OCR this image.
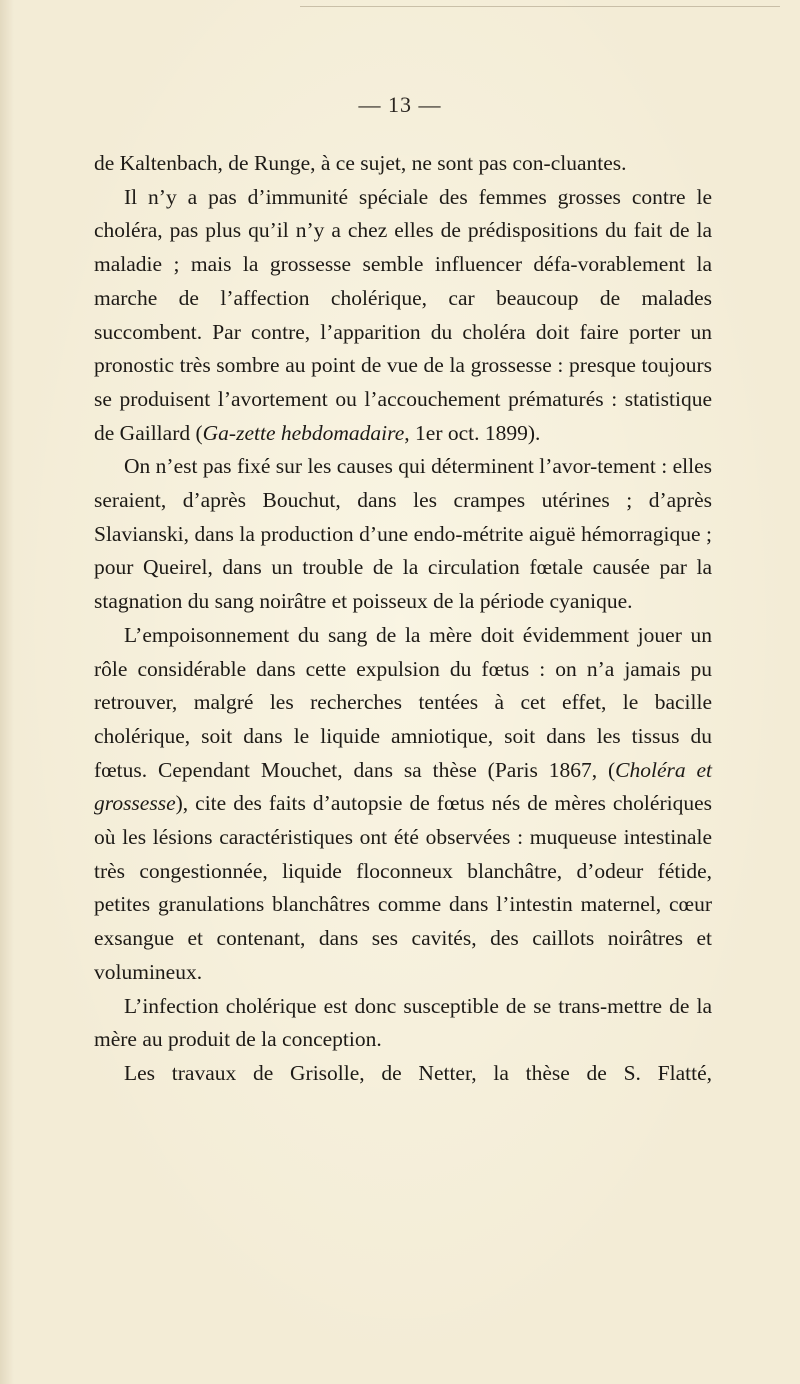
— 13 —

de Kaltenbach, de Runge, à ce sujet, ne sont pas con-cluantes.

Il n’y a pas d’immunité spéciale des femmes grosses contre le choléra, pas plus qu’il n’y a chez elles de prédispositions du fait de la maladie ; mais la grossesse semble influencer défa-vorablement la marche de l’affection cholérique, car beaucoup de malades succombent. Par contre, l’apparition du choléra doit faire porter un pronostic très sombre au point de vue de la grossesse : presque toujours se produisent l’avortement ou l’accouchement prématurés : statistique de Gaillard (Ga-zette hebdomadaire, 1er oct. 1899).

On n’est pas fixé sur les causes qui déterminent l’avor-tement : elles seraient, d’après Bouchut, dans les crampes utérines ; d’après Slavianski, dans la production d’une endo-métrite aiguë hémorragique ; pour Queirel, dans un trouble de la circulation fœtale causée par la stagnation du sang noirâtre et poisseux de la période cyanique.

L’empoisonnement du sang de la mère doit évidemment jouer un rôle considérable dans cette expulsion du fœtus : on n’a jamais pu retrouver, malgré les recherches tentées à cet effet, le bacille cholérique, soit dans le liquide amniotique, soit dans les tissus du fœtus. Cependant Mouchet, dans sa thèse (Paris 1867, (Choléra et grossesse), cite des faits d’autopsie de fœtus nés de mères cholériques où les lésions caractéristiques ont été observées : muqueuse intestinale très congestionnée, liquide floconneux blanchâtre, d’odeur fétide, petites granulations blanchâtres comme dans l’intestin maternel, cœur exsangue et contenant, dans ses cavités, des caillots noirâtres et volumineux.

L’infection cholérique est donc susceptible de se trans-mettre de la mère au produit de la conception.

Les travaux de Grisolle, de Netter, la thèse de S. Flatté,
